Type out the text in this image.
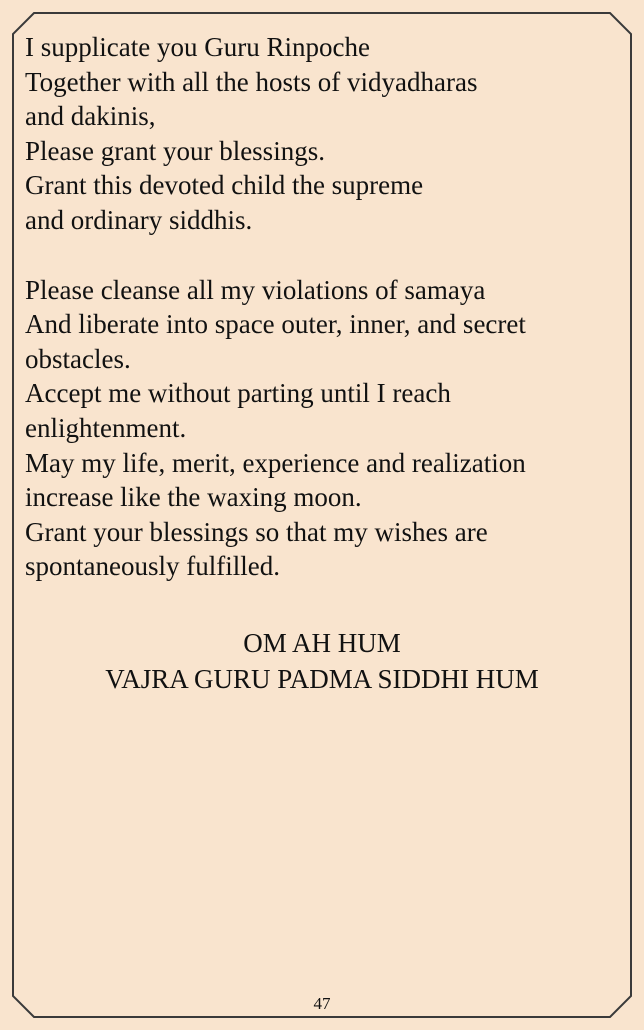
I supplicate you Guru Rinpoche
Together with all the hosts of vidyadharas
and dakinis,
Please grant your blessings.
Grant this devoted child the supreme
and ordinary siddhis.
Please cleanse all my violations of samaya
And liberate into space outer, inner, and secret
obstacles.
Accept me without parting until I reach
enlightenment.
May my life, merit, experience and realization
increase like the waxing moon.
Grant your blessings so that my wishes are
spontaneously fulfilled.
OM AH HUM
VAJRA GURU PADMA SIDDHI HUM
47
